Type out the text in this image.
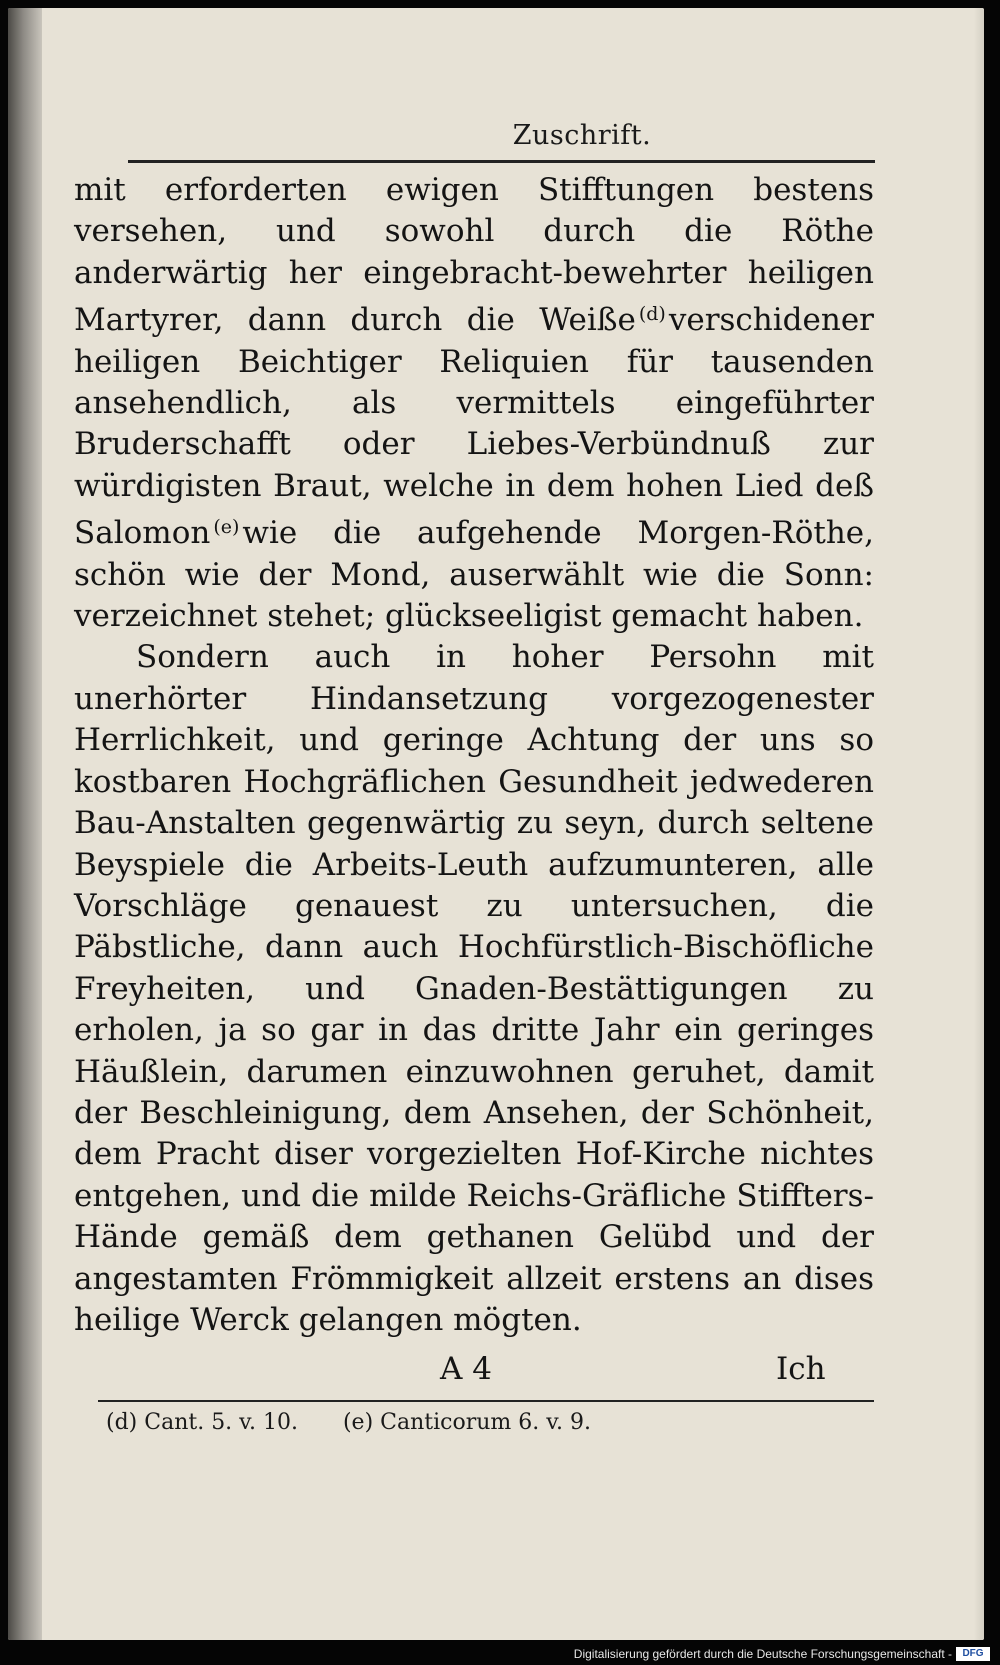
Zuschrift.

mit erforderten ewigen Stifftungen bestens versehen, und sowohl durch die Röthe anderwärtig her eingebracht-bewehrter heiligen Martyrer, dann durch die Weiße $^{(d)}$verschidener heiligen Beichtiger Reliquien für tausenden ansehendlich, als vermittels eingeführter Bruderschafft oder Liebes-Verbündnuß zur würdigisten Braut, welche in dem hohen Lied deß Salomon $^{(e)}$wie die aufgehende Morgen-Röthe, schön wie der Mond, auserwählt wie die Sonn: verzeichnet stehet; glückseeligist gemacht haben.

Sondern auch in hoher Persohn mit unerhörter Hindansetzung vorgezogenester Herrlichkeit, und geringe Achtung der uns so kostbaren Hochgräflichen Gesundheit jedwederen Bau-Anstalten gegenwärtig zu seyn, durch seltene Beyspiele die Arbeits-Leuth aufzumunteren, alle Vorschläge genauest zu untersuchen, die Päbstliche, dann auch Hochfürstlich-Bischöfliche Freyheiten, und Gnaden-Bestättigungen zu erholen, ja so gar in das dritte Jahr ein geringes Häußlein, darumen einzuwohnen geruhet, damit der Beschleinigung, dem Ansehen, der Schönheit, dem Pracht diser vorgezielten Hof-Kirche nichtes entgehen, und die milde Reichs-Gräfliche Stiffters-Hände gemäß dem gethanen Gelübd und der angestamten Frömmigkeit allzeit erstens an dises heilige Werck gelangen mögten.

A 4	Ich
(d) Cant. 5. v. 10. (e) Canticorum 6. v. 9.
Digitalisierung gefördert durch die Deutsche Forschungsgemeinschaft -	DFG
